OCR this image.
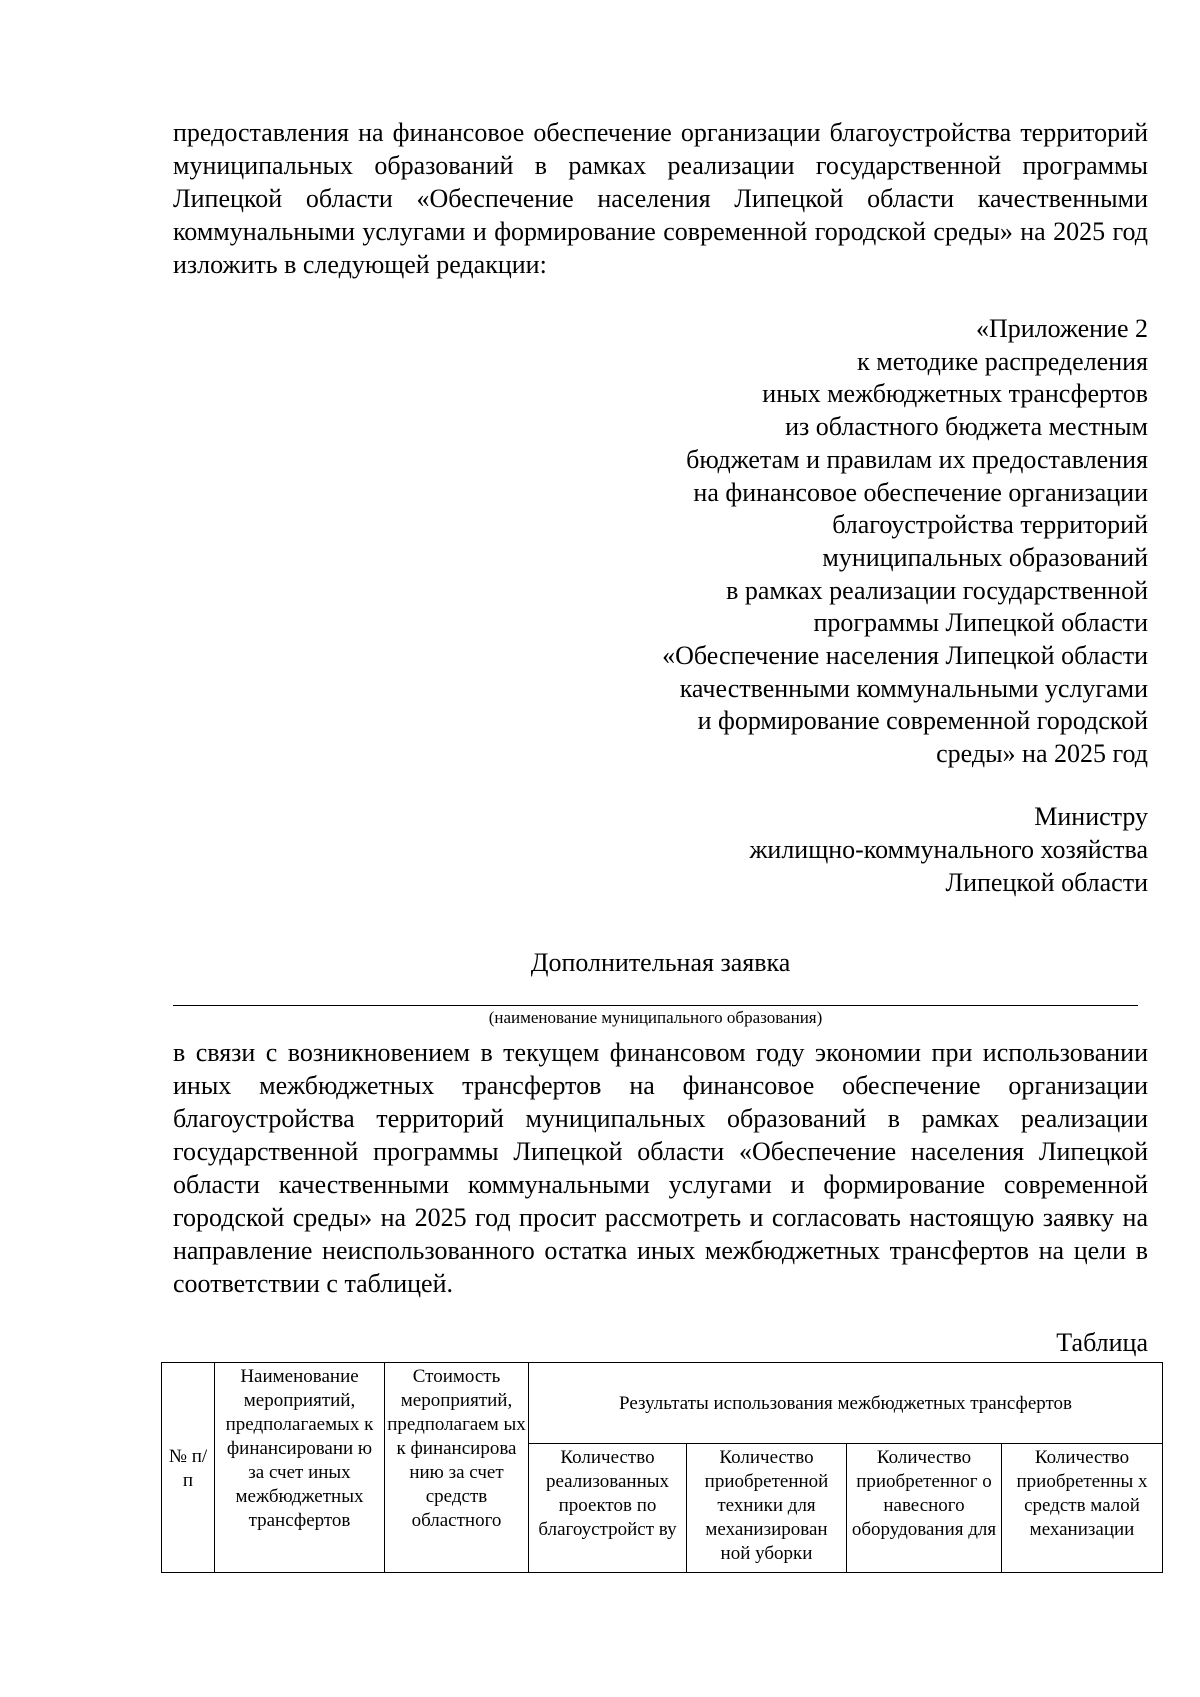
предоставления на финансовое обеспечение организации благоустройства территорий муниципальных образований в рамках реализации государственной программы Липецкой области «Обеспечение населения Липецкой области качественными коммунальными услугами и формирование современной городской среды» на 2025 год изложить в следующей редакции:

«Приложение 2
к методике распределения
иных межбюджетных трансфертов
из областного бюджета местным
бюджетам и правилам их предоставления
на финансовое обеспечение организации
благоустройства территорий
муниципальных образований
в рамках реализации государственной
программы Липецкой области
«Обеспечение населения Липецкой области
качественными коммунальными услугами
и формирование современной городской
среды» на 2025 год
Министру
жилищно-коммунального хозяйства
Липецкой области

Дополнительная заявка

(наименование муниципального образования)

в связи с возникновением в текущем финансовом году экономии при использовании иных межбюджетных трансфертов на финансовое обеспечение организации благоустройства территорий муниципальных образований в рамках реализации государственной программы Липецкой области «Обеспечение населения Липецкой области качественными коммунальными услугами и формирование современной городской среды» на 2025 год просит рассмотреть и согласовать настоящую заявку на направление неиспользованного остатка иных межбюджетных трансфертов на цели в соответствии с таблицей.

Таблица

№ п/п	Наименование мероприятий, предполагаемых к финансировани ю за счет иных межбюджетных трансфертов	Стоимость мероприятий, предполагаем ых к финансирова нию за счет средств областного	Результаты использования межбюджетных трансфертов			
			Количество реализованных проектов по благоустройст ву	Количество приобретенной техники для механизирован ной уборки	Количество приобретенног о навесного оборудования для	Количество приобретенны х средств малой механизации
